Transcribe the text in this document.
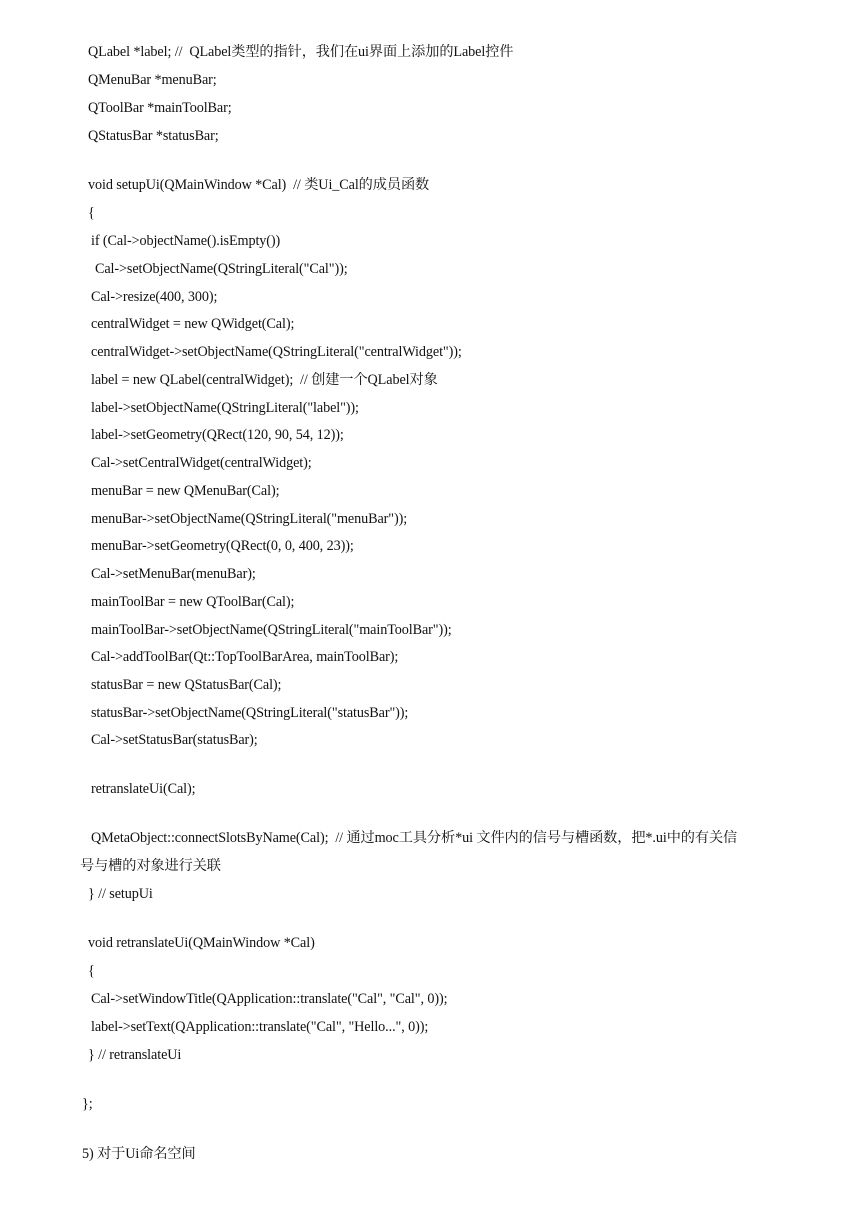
QLabel *label; //  QLabel类型的指针，我们在ui界面上添加的Label控件
QMenuBar *menuBar;
QToolBar *mainToolBar;
QStatusBar *statusBar;
void setupUi(QMainWindow *Cal)  // 类Ui_Cal的成员函数
{
if (Cal->objectName().isEmpty())
Cal->setObjectName(QStringLiteral("Cal"));
Cal->resize(400, 300);
centralWidget = new QWidget(Cal);
centralWidget->setObjectName(QStringLiteral("centralWidget"));
label = new QLabel(centralWidget);  // 创建一个QLabel对象
label->setObjectName(QStringLiteral("label"));
label->setGeometry(QRect(120, 90, 54, 12));
Cal->setCentralWidget(centralWidget);
menuBar = new QMenuBar(Cal);
menuBar->setObjectName(QStringLiteral("menuBar"));
menuBar->setGeometry(QRect(0, 0, 400, 23));
Cal->setMenuBar(menuBar);
mainToolBar = new QToolBar(Cal);
mainToolBar->setObjectName(QStringLiteral("mainToolBar"));
Cal->addToolBar(Qt::TopToolBarArea, mainToolBar);
statusBar = new QStatusBar(Cal);
statusBar->setObjectName(QStringLiteral("statusBar"));
Cal->setStatusBar(statusBar);
retranslateUi(Cal);
QMetaObject::connectSlotsByName(Cal);  // 通过moc工具分析*ui 文件内的信号与槽函数，把*.ui中的有关信
号与槽的对象进行关联
} // setupUi
void retranslateUi(QMainWindow *Cal)
{
Cal->setWindowTitle(QApplication::translate("Cal", "Cal", 0));
label->setText(QApplication::translate("Cal", "Hello...", 0));
} // retranslateUi
};
5) 对于Ui命名空间
